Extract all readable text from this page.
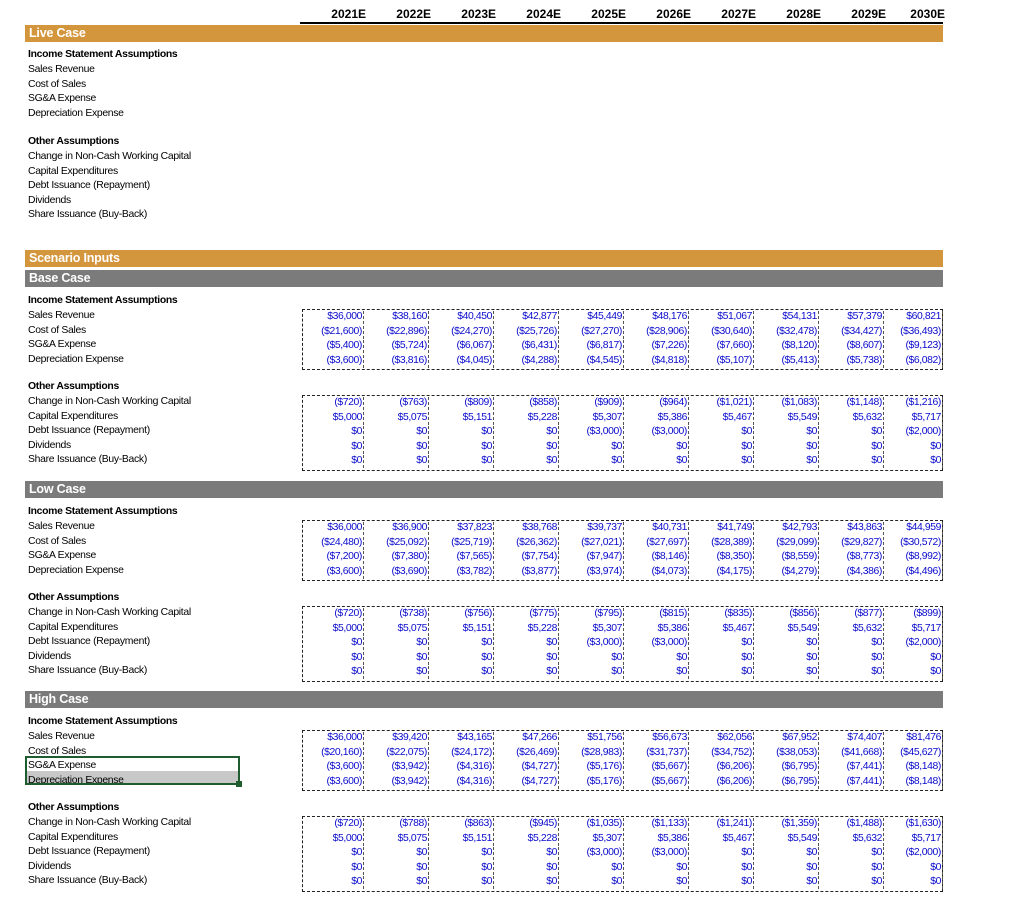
2021E	2022E	2023E	2024E	2025E	2026E	2027E	2028E	2029E	2030E
Live Case
Income Statement Assumptions
Sales Revenue
Cost of Sales
SG&A Expense
Depreciation Expense
Other Assumptions
Change in Non-Cash Working Capital
Capital Expenditures
Debt Issuance (Repayment)
Dividends
Share Issuance (Buy-Back)
Scenario Inputs
Base Case
Income Statement Assumptions
Sales Revenue	$36,000	$38,160	$40,450	$42,877	$45,449	$48,176	$51,067	$54,131	$57,379	$60,821
Cost of Sales	($21,600)	($22,896)	($24,270)	($25,726)	($27,270)	($28,906)	($30,640)	($32,478)	($34,427)	($36,493)
SG&A Expense	($5,400)	($5,724)	($6,067)	($6,431)	($6,817)	($7,226)	($7,660)	($8,120)	($8,607)	($9,123)
Depreciation Expense	($3,600)	($3,816)	($4,045)	($4,288)	($4,545)	($4,818)	($5,107)	($5,413)	($5,738)	($6,082)
Other Assumptions
Change in Non-Cash Working Capital	($720)	($763)	($809)	($858)	($909)	($964)	($1,021)	($1,083)	($1,148)	($1,216)
Capital Expenditures	$5,000	$5,075	$5,151	$5,228	$5,307	$5,386	$5,467	$5,549	$5,632	$5,717
Debt Issuance (Repayment)	$0	$0	$0	$0	($3,000)	($3,000)	$0	$0	$0	($2,000)
Dividends	$0	$0	$0	$0	$0	$0	$0	$0	$0	$0
Share Issuance (Buy-Back)	$0	$0	$0	$0	$0	$0	$0	$0	$0	$0
Low Case
Income Statement Assumptions
Sales Revenue	$36,000	$36,900	$37,823	$38,768	$39,737	$40,731	$41,749	$42,793	$43,863	$44,959
Cost of Sales	($24,480)	($25,092)	($25,719)	($26,362)	($27,021)	($27,697)	($28,389)	($29,099)	($29,827)	($30,572)
SG&A Expense	($7,200)	($7,380)	($7,565)	($7,754)	($7,947)	($8,146)	($8,350)	($8,559)	($8,773)	($8,992)
Depreciation Expense	($3,600)	($3,690)	($3,782)	($3,877)	($3,974)	($4,073)	($4,175)	($4,279)	($4,386)	($4,496)
Other Assumptions
Change in Non-Cash Working Capital	($720)	($738)	($756)	($775)	($795)	($815)	($835)	($856)	($877)	($899)
Capital Expenditures	$5,000	$5,075	$5,151	$5,228	$5,307	$5,386	$5,467	$5,549	$5,632	$5,717
Debt Issuance (Repayment)	$0	$0	$0	$0	($3,000)	($3,000)	$0	$0	$0	($2,000)
Dividends	$0	$0	$0	$0	$0	$0	$0	$0	$0	$0
Share Issuance (Buy-Back)	$0	$0	$0	$0	$0	$0	$0	$0	$0	$0
High Case
Income Statement Assumptions
Sales Revenue	$36,000	$39,420	$43,165	$47,266	$51,756	$56,673	$62,056	$67,952	$74,407	$81,476
Cost of Sales	($20,160)	($22,075)	($24,172)	($26,469)	($28,983)	($31,737)	($34,752)	($38,053)	($41,668)	($45,627)
SG&A Expense	($3,600)	($3,942)	($4,316)	($4,727)	($5,176)	($5,667)	($6,206)	($6,795)	($7,441)	($8,148)
Depreciation Expense	($3,600)	($3,942)	($4,316)	($4,727)	($5,176)	($5,667)	($6,206)	($6,795)	($7,441)	($8,148)
Other Assumptions
Change in Non-Cash Working Capital	($720)	($788)	($863)	($945)	($1,035)	($1,133)	($1,241)	($1,359)	($1,488)	($1,630)
Capital Expenditures	$5,000	$5,075	$5,151	$5,228	$5,307	$5,386	$5,467	$5,549	$5,632	$5,717
Debt Issuance (Repayment)	$0	$0	$0	$0	($3,000)	($3,000)	$0	$0	$0	($2,000)
Dividends	$0	$0	$0	$0	$0	$0	$0	$0	$0	$0
Share Issuance (Buy-Back)	$0	$0	$0	$0	$0	$0	$0	$0	$0	$0
